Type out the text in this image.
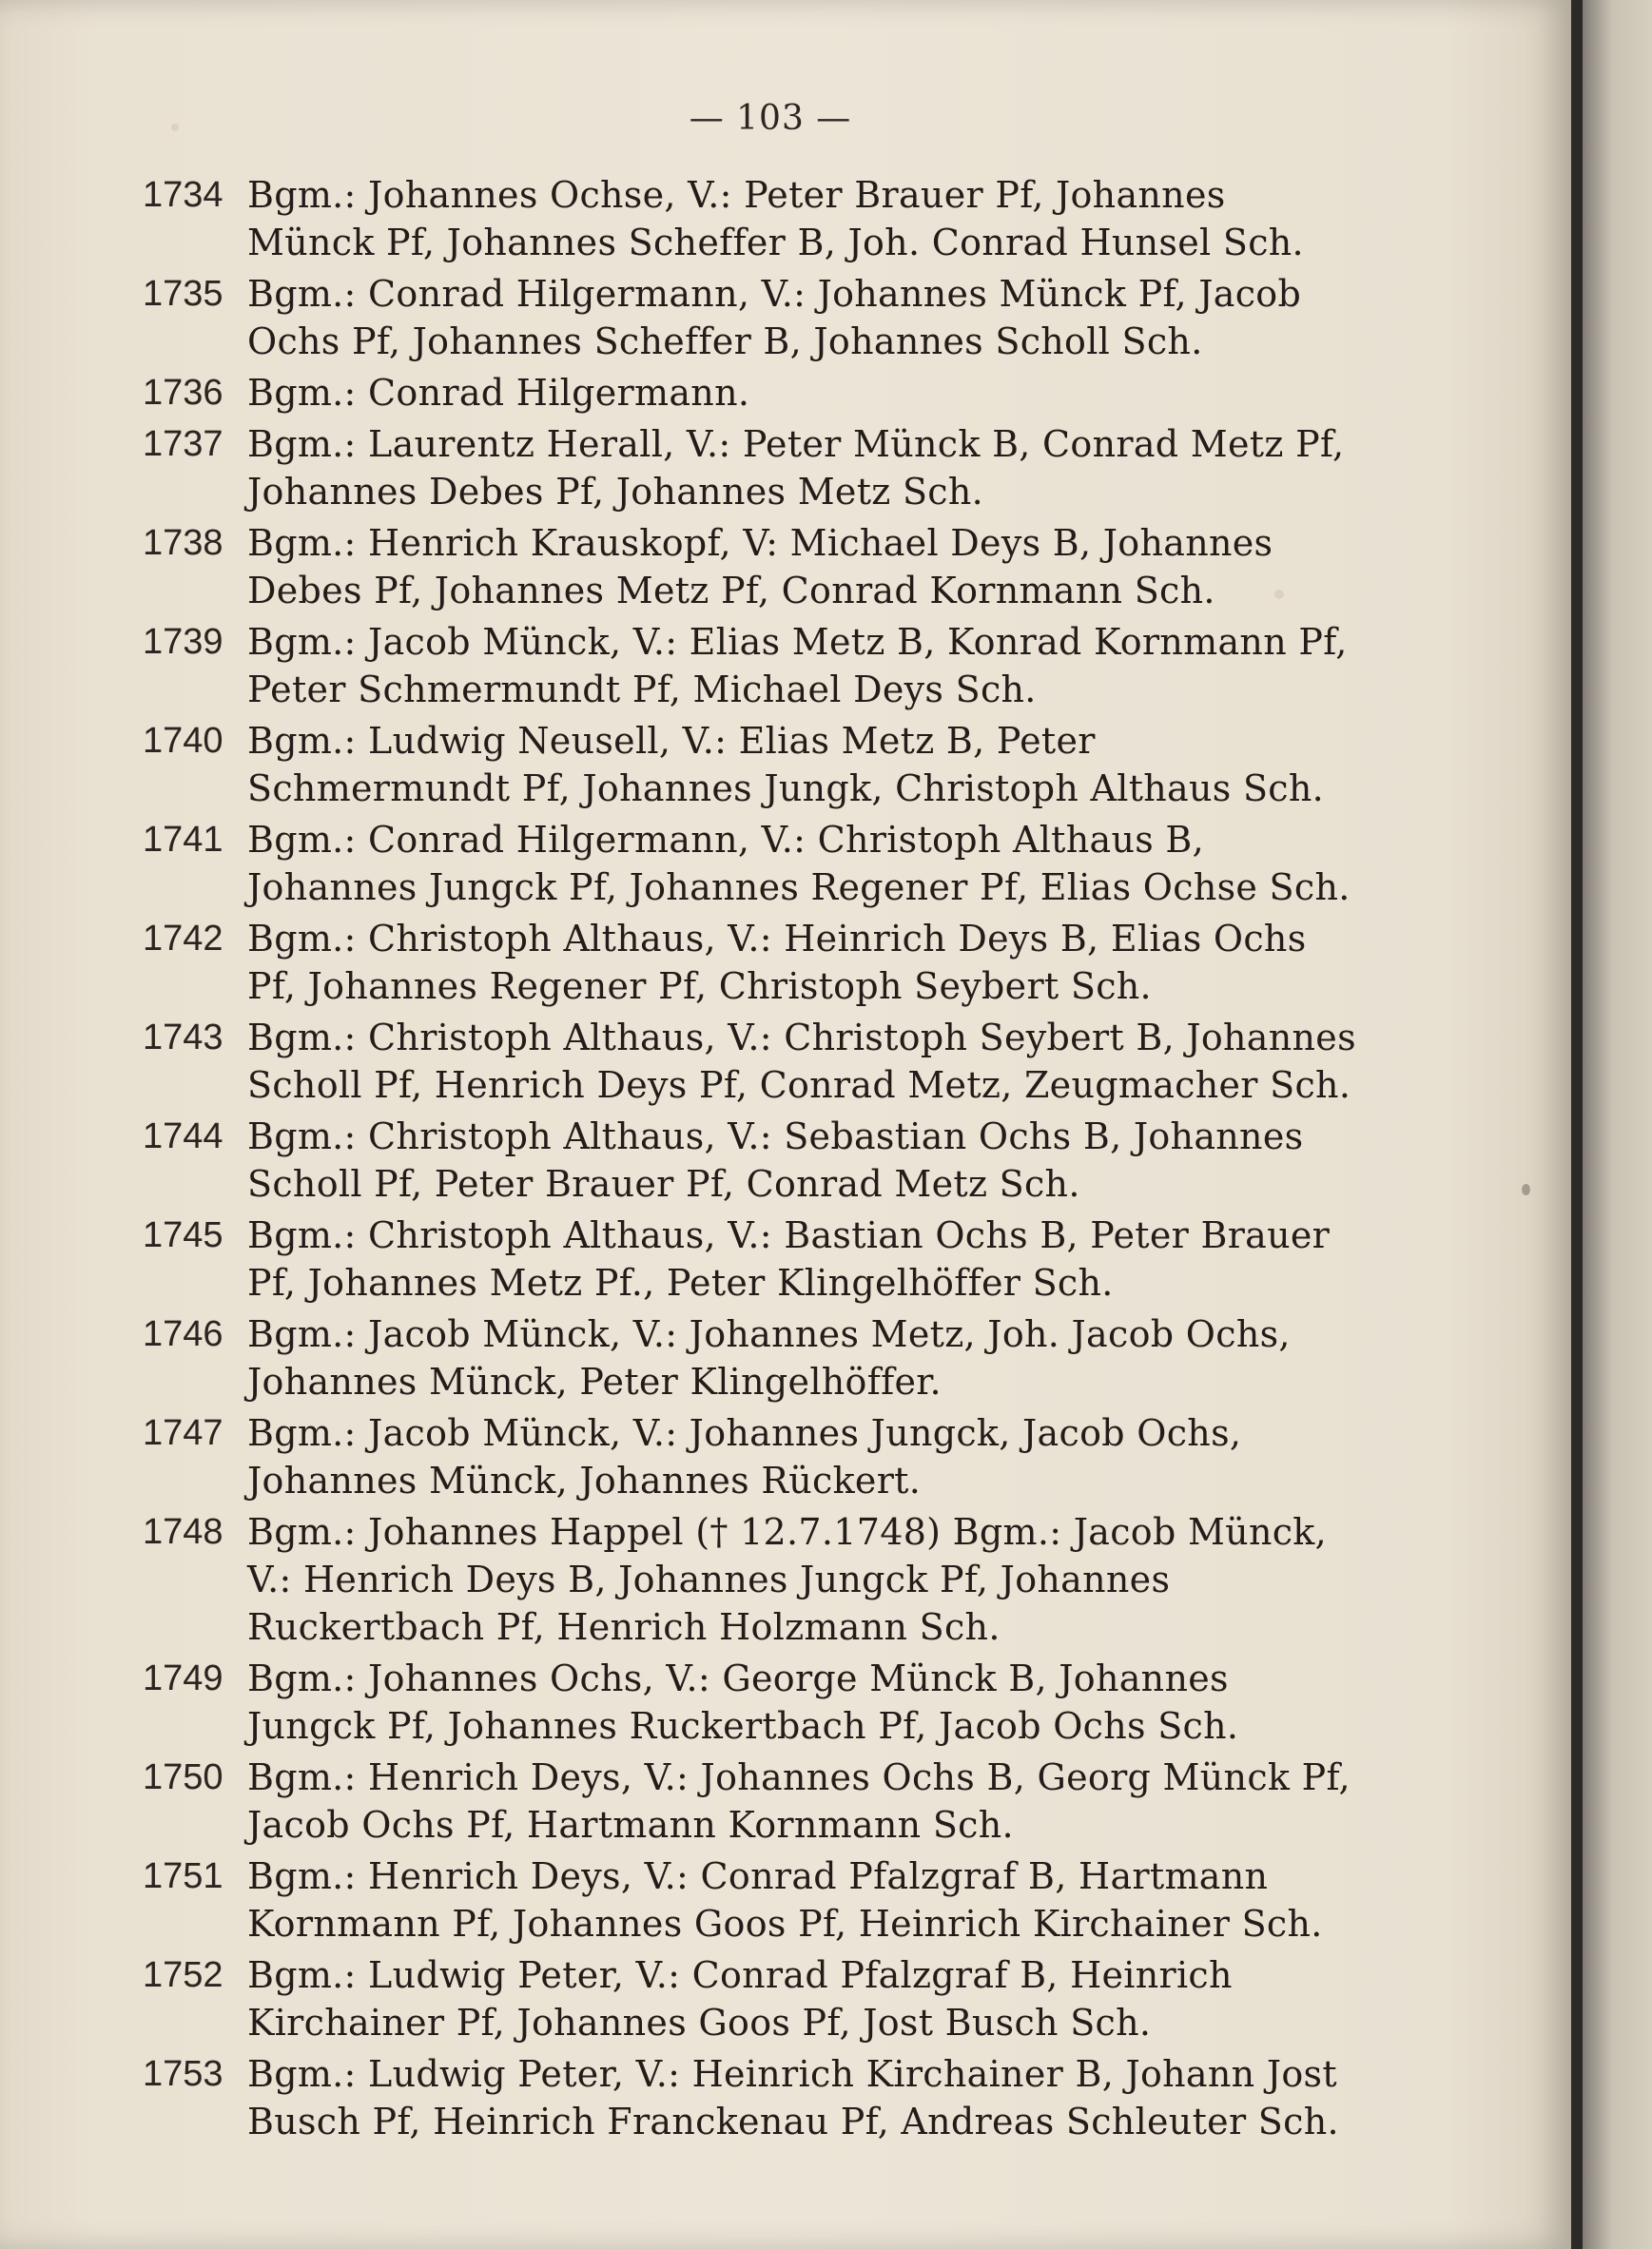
— 103 —
1734 Bgm.: Johannes Ochse, V.: Peter Brauer Pf, Johannes Münck Pf, Johannes Scheffer B, Joh. Conrad Hunsel Sch.
1735 Bgm.: Conrad Hilgermann, V.: Johannes Münck Pf, Jacob Ochs Pf, Johannes Scheffer B, Johannes Scholl Sch.
1736 Bgm.: Conrad Hilgermann.
1737 Bgm.: Laurentz Herall, V.: Peter Münck B, Conrad Metz Pf, Johannes Debes Pf, Johannes Metz Sch.
1738 Bgm.: Henrich Krauskopf, V: Michael Deys B, Johannes Debes Pf, Johannes Metz Pf, Conrad Kornmann Sch.
1739 Bgm.: Jacob Münck, V.: Elias Metz B, Konrad Kornmann Pf, Peter Schmermundt Pf, Michael Deys Sch.
1740 Bgm.: Ludwig Neusell, V.: Elias Metz B, Peter Schmermundt Pf, Johannes Jungk, Christoph Althaus Sch.
1741 Bgm.: Conrad Hilgermann, V.: Christoph Althaus B, Johannes Jungck Pf, Johannes Regener Pf, Elias Ochse Sch.
1742 Bgm.: Christoph Althaus, V.: Heinrich Deys B, Elias Ochs Pf, Johannes Regener Pf, Christoph Seybert Sch.
1743 Bgm.: Christoph Althaus, V.: Christoph Seybert B, Johannes Scholl Pf, Henrich Deys Pf, Conrad Metz, Zeugmacher Sch.
1744 Bgm.: Christoph Althaus, V.: Sebastian Ochs B, Johannes Scholl Pf, Peter Brauer Pf, Conrad Metz Sch.
1745 Bgm.: Christoph Althaus, V.: Bastian Ochs B, Peter Brauer Pf, Johannes Metz Pf., Peter Klingelhöffer Sch.
1746 Bgm.: Jacob Münck, V.: Johannes Metz, Joh. Jacob Ochs, Johannes Münck, Peter Klingelhöffer.
1747 Bgm.: Jacob Münck, V.: Johannes Jungck, Jacob Ochs, Johannes Münck, Johannes Rückert.
1748 Bgm.: Johannes Happel († 12.7.1748) Bgm.: Jacob Münck, V.: Henrich Deys B, Johannes Jungck Pf, Johannes Ruckertbach Pf, Henrich Holzmann Sch.
1749 Bgm.: Johannes Ochs, V.: George Münck B, Johannes Jungck Pf, Johannes Ruckertbach Pf, Jacob Ochs Sch.
1750 Bgm.: Henrich Deys, V.: Johannes Ochs B, Georg Münck Pf, Jacob Ochs Pf, Hartmann Kornmann Sch.
1751 Bgm.: Henrich Deys, V.: Conrad Pfalzgraf B, Hartmann Kornmann Pf, Johannes Goos Pf, Heinrich Kirchainer Sch.
1752 Bgm.: Ludwig Peter, V.: Conrad Pfalzgraf B, Heinrich Kirchainer Pf, Johannes Goos Pf, Jost Busch Sch.
1753 Bgm.: Ludwig Peter, V.: Heinrich Kirchainer B, Johann Jost Busch Pf, Heinrich Franckenau Pf, Andreas Schleuter Sch.
